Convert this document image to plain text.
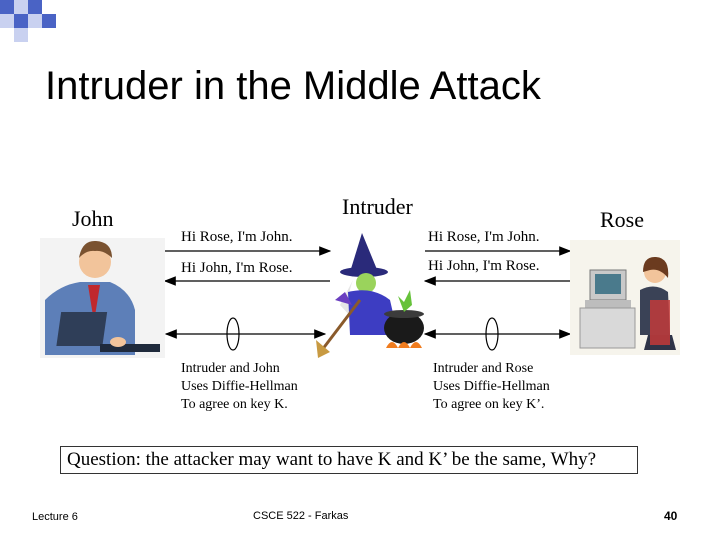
Intruder in the Middle Attack
John	Intruder
Rose
Hi Rose, I'm John.
Hi John, I'm Rose.
Hi Rose, I'm John.
Hi John, I'm Rose.
Intruder and John
Uses Diffie-Hellman
To agree on key K.
Intruder and Rose
Uses Diffie-Hellman
To agree on key K’.
Question: the attacker may want to have K and K’ be the same, Why?
Lecture 6	CSCE 522 - Farkas	40
